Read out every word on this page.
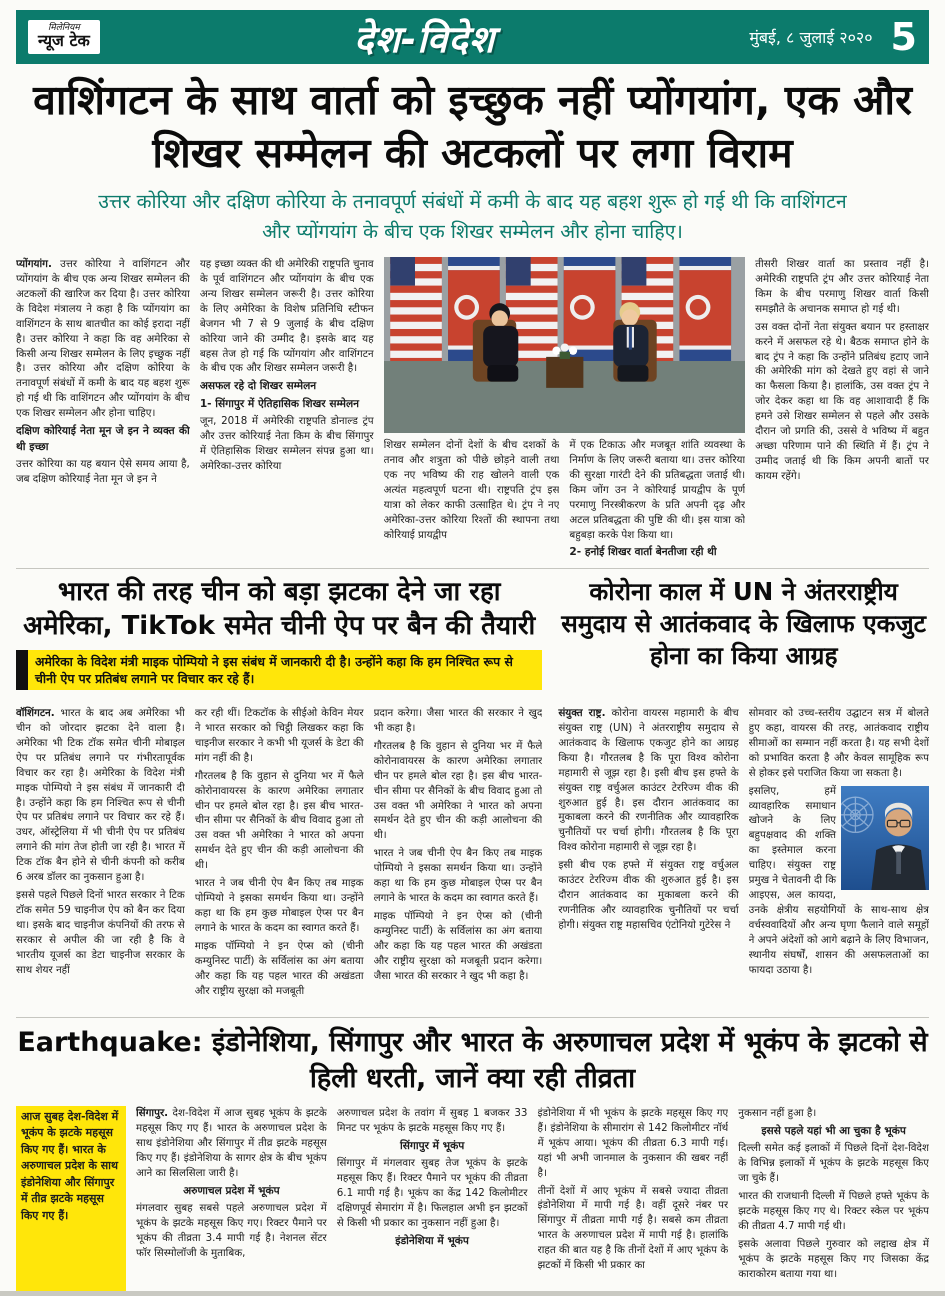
मिलेनियम
न्यूज टेक	देश-विदेश	मुंबई, ८ जुलाई २०२० 5
वाशिंगटन के साथ वार्ता को इच्छुक नहीं प्योंगयांग, एक और शिखर सम्मेलन की अटकलों पर लगा विराम

उत्तर कोरिया और दक्षिण कोरिया के तनावपूर्ण संबंधों में कमी के बाद यह बहश शुरू हो गई थी कि वाशिंगटन और प्योंगयांग के बीच एक शिखर सम्मेलन और होना चाहिए।

प्योंगयांग. उत्तर कोरिया ने वाशिंगटन और प्योंगयांग के बीच एक अन्य शिखर सम्मेलन की अटकलों की खारिज कर दिया है। उत्तर कोरिया के विदेश मंत्रालय ने कहा है कि प्योंगयांग का वाशिंगटन के साथ बातचीत का कोई इरादा नहीं है। उत्तर कोरिया ने कहा कि वह अमेरिका से किसी अन्य शिखर सम्मेलन के लिए इच्छुक नहीं है। उत्तर कोरिया और दक्षिण कोरिया के तनावपूर्ण संबंधों में कमी के बाद यह बहश शुरू हो गई थी कि वाशिंगटन और प्योंगयांग के बीच एक शिखर सम्मेलन और होना चाहिए।

दक्षिण कोरियाई नेता मून जे इन ने व्यक्त की थी इच्छा

उत्तर कोरिया का यह बयान ऐसे समय आया है, जब दक्षिण कोरियाई नेता मून जे इन ने

यह इच्छा व्यक्त की थी अमेरिकी राष्ट्रपति चुनाव के पूर्व वाशिंगटन और प्योंगयांग के बीच एक अन्य शिखर सम्मेलन जरूरी है। उत्तर कोरिया के लिए अमेरिका के विशेष प्रतिनिधि स्टीफन बेजगन भी 7 से 9 जुलाई के बीच दक्षिण कोरिया जाने की उम्मीद है। इसके बाद यह बहस तेज हो गई कि प्योंगयांग और वाशिंगटन के बीच एक और शिखर सम्मेलन जरूरी है।

असफल रहे दो शिखर सम्मेलन
1- सिंगापुर में ऐतिहासिक शिखर सम्मेलन

जून, 2018 में अमेरिकी राष्ट्रपति डोनाल्ड ट्रंप और उत्तर कोरियाई नेता किम के बीच सिंगापुर में ऐतिहासिक शिखर सम्मेलन संपन्न हुआ था। अमेरिका-उत्तर कोरिया

शिखर सम्मेलन दोनों देशों के बीच दशकों के तनाव और शत्रुता को पीछे छोड़ने वाली तथा एक नए भविष्य की राह खोलने वाली एक अत्यंत महत्वपूर्ण घटना थी। राष्ट्रपति ट्रंप इस यात्रा को लेकर काफी उत्साहित थे। ट्रंप ने नए अमेरिका-उत्तर कोरिया रिश्तों की स्थापना तथा कोरियाई प्रायद्वीप

में एक टिकाऊ और मजबूत शांति व्यवस्था के निर्माण के लिए जरूरी बताया था। उत्तर कोरिया की सुरक्षा गारंटी देने की प्रतिबद्धता जताई थी। किम जोंग उन ने कोरियाई प्रायद्वीप के पूर्ण परमाणु निरस्त्रीकरण के प्रति अपनी दृढ़ और अटल प्रतिबद्धता की पुष्टि की थी। इस यात्रा को बहुबड़ा करके पेश किया था।

2- हनोई शिखर वार्ता बेनतीजा रही थी

तीसरी शिखर वार्ता का प्रस्ताव नहीं है। अमेरिकी राष्ट्रपति ट्रंप और उत्तर कोरियाई नेता किम के बीच परमाणु शिखर वार्ता किसी समझौते के अचानक समाप्त हो गई थी।

उस वक्त दोनों नेता संयुक्त बयान पर हस्ताक्षर करने में असफल रहे थे। बैठक समाप्त होने के बाद ट्रंप ने कहा कि उन्होंने प्रतिबंध हटाए जाने की अमेरिकी मांग को देखते हुए वहां से जाने का फैसला किया है। हालांकि, उस वक्त ट्रंप ने जोर देकर कहा था कि वह आशावादी हैं कि हमने उसे शिखर सम्मेलन से पहले और उसके दौरान जो प्रगति की, उससे वे भविष्य में बहुत अच्छा परिणाम पाने की स्थिति में हैं। ट्रंप ने उम्मीद जताई थी कि किम अपनी बातों पर कायम रहेंगे।

भारत की तरह चीन को बड़ा झटका देने जा रहा अमेरिका, TikTok समेत चीनी ऐप पर बैन की तैयारी
अमेरिका के विदेश मंत्री माइक पोम्पियो ने इस संबंध में जानकारी दी है। उन्होंने कहा कि हम निश्चित रूप से चीनी ऐप पर प्रतिबंध लगाने पर विचार कर रहे हैं।

वॉशिंगटन. भारत के बाद अब अमेरिका भी चीन को जोरदार झटका देने वाला है। अमेरिका भी टिक टॉक समेत चीनी मोबाइल ऐप पर प्रतिबंध लगाने पर गंभीरतापूर्वक विचार कर रहा है। अमेरिका के विदेश मंत्री माइक पोम्पियो ने इस संबंध में जानकारी दी है। उन्होंने कहा कि हम निश्चित रूप से चीनी ऐप पर प्रतिबंध लगाने पर विचार कर रहे हैं। उधर, ऑस्ट्रेलिया में भी चीनी ऐप पर प्रतिबंध लगाने की मांग तेज होती जा रही है। भारत में टिक टॉक बैन होने से चीनी कंपनी को करीब 6 अरब डॉलर का नुकसान हुआ है।

इससे पहले पिछले दिनों भारत सरकार ने टिक टॉक समेत 59 चाइनीज ऐप को बैन कर दिया था। इसके बाद चाइनीज कंपनियों की तरफ से सरकार से अपील की जा रही है कि वे भारतीय यूजर्स का डेटा चाइनीज सरकार के साथ शेयर नहीं

कर रही थीं। टिकटॉक के सीईओ केविन मेयर ने भारत सरकार को चिट्ठी लिखकर कहा कि चाइनीज सरकार ने कभी भी यूजर्स के डेटा की मांग नहीं की है।

गौरतलब है कि वुहान से दुनिया भर में फैले कोरोनावायरस के कारण अमेरिका लगातार चीन पर हमले बोल रहा है। इस बीच भारत-चीन सीमा पर सैनिकों के बीच विवाद हुआ तो उस वक्त भी अमेरिका ने भारत को अपना समर्थन देते हुए चीन की कड़ी आलोचना की थी।

भारत ने जब चीनी ऐप बैन किए तब माइक पोम्पियो ने इसका समर्थन किया था। उन्होंने कहा था कि हम कुछ मोबाइल ऐप्स पर बैन लगाने के भारत के कदम का स्वागत करते हैं।

माइक पॉम्पियो ने इन ऐप्स को (चीनी कम्युनिस्ट पार्टी) के सर्विलांस का अंग बताया और कहा कि यह पहल भारत की अखंडता और राष्ट्रीय सुरक्षा को मजबूती

प्रदान करेगा। जैसा भारत की सरकार ने खुद भी कहा है।

गौरतलब है कि वुहान से दुनिया भर में फैले कोरोनावायरस के कारण अमेरिका लगातार चीन पर हमले बोल रहा है। इस बीच भारत-चीन सीमा पर सैनिकों के बीच विवाद हुआ तो उस वक्त भी अमेरिका ने भारत को अपना समर्थन देते हुए चीन की कड़ी आलोचना की थी।

भारत ने जब चीनी ऐप बैन किए तब माइक पोम्पियो ने इसका समर्थन किया था। उन्होंने कहा था कि हम कुछ मोबाइल ऐप्स पर बैन लगाने के भारत के कदम का स्वागत करते हैं।

माइक पॉम्पियो ने इन ऐप्स को (चीनी कम्युनिस्ट पार्टी) के सर्विलांस का अंग बताया और कहा कि यह पहल भारत की अखंडता और राष्ट्रीय सुरक्षा को मजबूती प्रदान करेगा। जैसा भारत की सरकार ने खुद भी कहा है।

कोरोना काल में UN ने अंतरराष्ट्रीय समुदाय से आतंकवाद के खिलाफ एकजुट होना का किया आग्रह

संयुक्त राष्ट्र. कोरोना वायरस महामारी के बीच संयुक्त राष्ट्र (UN) ने अंतरराष्ट्रीय समुदाय से आतंकवाद के खिलाफ एकजुट होने का आग्रह किया है। गौरतलब है कि पूरा विश्व कोरोना महामारी से जूझ रहा है। इसी बीच इस हफ्ते के संयुक्त राष्ट्र वर्चुअल काउंटर टेररिज्म वीक की शुरुआत हुई है। इस दौरान आतंकवाद का मुकाबला करने की रणनीतिक और व्यावहारिक चुनौतियों पर चर्चा होगी। गौरतलब है कि पूरा विश्व कोरोना महामारी से जूझ रहा है।

इसी बीच एक हफ्ते में संयुक्त राष्ट्र वर्चुअल काउंटर टेररिज्म वीक की शुरुआत हुई है। इस दौरान आतंकवाद का मुकाबला करने की रणनीतिक और व्यावहारिक चुनौतियों पर चर्चा होगी। संयुक्त राष्ट्र महासचिव एंटोनियो गुटेरेस ने

सोमवार को उच्च-स्तरीय उद्घाटन सत्र में बोलते हुए कहा, वायरस की तरह, आतंकवाद राष्ट्रीय सीमाओं का सम्मान नहीं करता है। यह सभी देशों को प्रभावित करता है और केवल सामूहिक रूप से होकर इसे पराजित किया जा सकता है।

इसलिए, हमें व्यावहारिक समाधान खोजने के लिए बहुपक्षवाद की शक्ति का इस्तेमाल करना चाहिए। संयुक्त राष्ट्र प्रमुख ने चेतावनी दी कि आइएस, अल कायदा, उनके क्षेत्रीय सहयोगियों के साथ-साथ क्षेत्र वर्चस्ववादियों और अन्य घृणा फैलाने वाले समूहों ने अपने अंदेशों को आगे बढ़ाने के लिए विभाजन, स्थानीय संघर्षों, शासन की असफलताओं का फायदा उठाया है।

Earthquake: इंडोनेशिया, सिंगापुर और भारत के अरुणाचल प्रदेश में भूकंप के झटको से हिली धरती, जानें क्या रही तीव्रता
आज सुबह देश-विदेश में भूकंप के झटके महसूस किए गए हैं। भारत के अरुणाचल प्रदेश के साथ इंडोनेशिया और सिंगापुर में तीव्र झटके महसूस किए गए हैं।

सिंगापुर. देश-विदेश में आज सुबह भूकंप के झटके महसूस किए गए हैं। भारत के अरुणाचल प्रदेश के साथ इंडोनेशिया और सिंगापुर में तीव्र झटके महसूस किए गए हैं। इंडोनेशिया के सागर क्षेत्र के बीच भूकंप आने का सिलसिला जारी है।

अरुणाचल प्रदेश में भूकंप

मंगलवार सुबह सबसे पहले अरुणाचल प्रदेश में भूकंप के झटके महसूस किए गए। रिक्टर पैमाने पर भूकंप की तीव्रता 3.4 मापी गई है। नेशनल सेंटर फॉर सिस्मोलॉजी के मुताबिक,

अरुणाचल प्रदेश के तवांग में सुबह 1 बजकर 33 मिनट पर भूकंप के झटके महसूस किए गए हैं।

सिंगापुर में भूकंप

सिंगापुर में मंगलवार सुबह तेज भूकंप के झटके महसूस किए हैं। रिक्टर पैमाने पर भूकंप की तीव्रता 6.1 मापी गई है। भूकंप का केंद्र 142 किलोमीटर दक्षिणपूर्व सेमारांग में है। फिलहाल अभी इन झटकों से किसी भी प्रकार का नुकसान नहीं हुआ है।

इंडोनेशिया में भूकंप

इंडोनेशिया में भी भूकंप के झटके महसूस किए गए हैं। इंडोनेशिया के सीमारांग से 142 किलोमीटर नॉर्थ में भूकंप आया। भूकंप की तीव्रता 6.3 मापी गई। यहां भी अभी जानमाल के नुकसान की खबर नहीं है।

तीनों देशों में आए भूकंप में सबसे ज्यादा तीव्रता इंडोनेशिया में मापी गई है। वहीं दूसरे नंबर पर सिंगापुर में तीव्रता मापी गई है। सबसे कम तीव्रता भारत के अरुणाचल प्रदेश में मापी गई है। हालांकि राहत की बात यह है कि तीनों देशों में आए भूकंप के झटकों में किसी भी प्रकार का

नुकसान नहीं हुआ है।

इससे पहले यहां भी आ चुका है भूकंप

दिल्ली समेत कई इलाकों में पिछले दिनों देश-विदेश के विभिन्न इलाकों में भूकंप के झटके महसूस किए जा चुके हैं।

भारत की राजधानी दिल्ली में पिछले हफ्ते भूकंप के झटके महसूस किए गए थे। रिक्टर स्केल पर भूकंप की तीव्रता 4.7 मापी गई थी।

इसके अलावा पिछले गुरुवार को लद्दाख क्षेत्र में भूकंप के झटके महसूस किए गए जिसका केंद्र काराकोरम बताया गया था।
